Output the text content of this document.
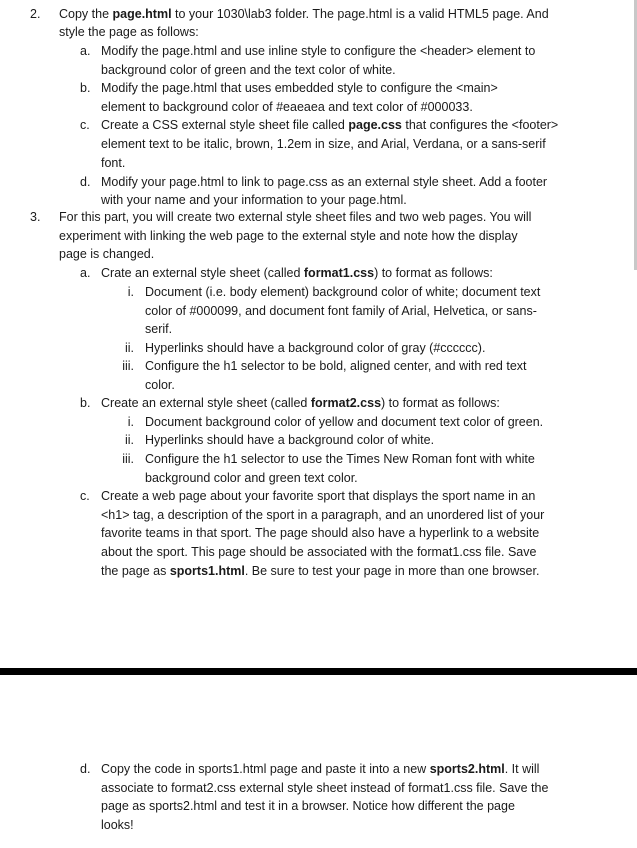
2. Copy the page.html to your 1030\lab3 folder. The page.html is a valid HTML5 page. And
style the page as follows:
a. Modify the page.html and use inline style to configure the <header> element to
background color of green and the text color of white.
b. Modify the page.html that uses embedded style to configure the <main>
element to background color of #eaeaea and text color of #000033.
c. Create a CSS external style sheet file called page.css that configures the <footer>
element text to be italic, brown, 1.2em in size, and Arial, Verdana, or a sans-serif
font.
d. Modify your page.html to link to page.css as an external style sheet. Add a footer
with your name and your information to your page.html.
3. For this part, you will create two external style sheet files and two web pages. You will
experiment with linking the web page to the external style and note how the display
page is changed.
a. Crate an external style sheet (called format1.css) to format as follows:
i. Document (i.e. body element) background color of white; document text
color of #000099, and document font family of Arial, Helvetica, or sans-
serif.
ii. Hyperlinks should have a background color of gray (#cccccc).
iii. Configure the h1 selector to be bold, aligned center, and with red text
color.
b. Create an external style sheet (called format2.css) to format as follows:
i. Document background color of yellow and document text color of green.
ii. Hyperlinks should have a background color of white.
iii. Configure the h1 selector to use the Times New Roman font with white
background color and green text color.
c. Create a web page about your favorite sport that displays the sport name in an
<h1> tag, a description of the sport in a paragraph, and an unordered list of your
favorite teams in that sport. The page should also have a hyperlink to a website
about the sport. This page should be associated with the format1.css file. Save
the page as sports1.html. Be sure to test your page in more than one browser.
d. Copy the code in sports1.html page and paste it into a new sports2.html. It will
associate to format2.css external style sheet instead of format1.css file. Save the
page as sports2.html and test it in a browser. Notice how different the page
looks!
